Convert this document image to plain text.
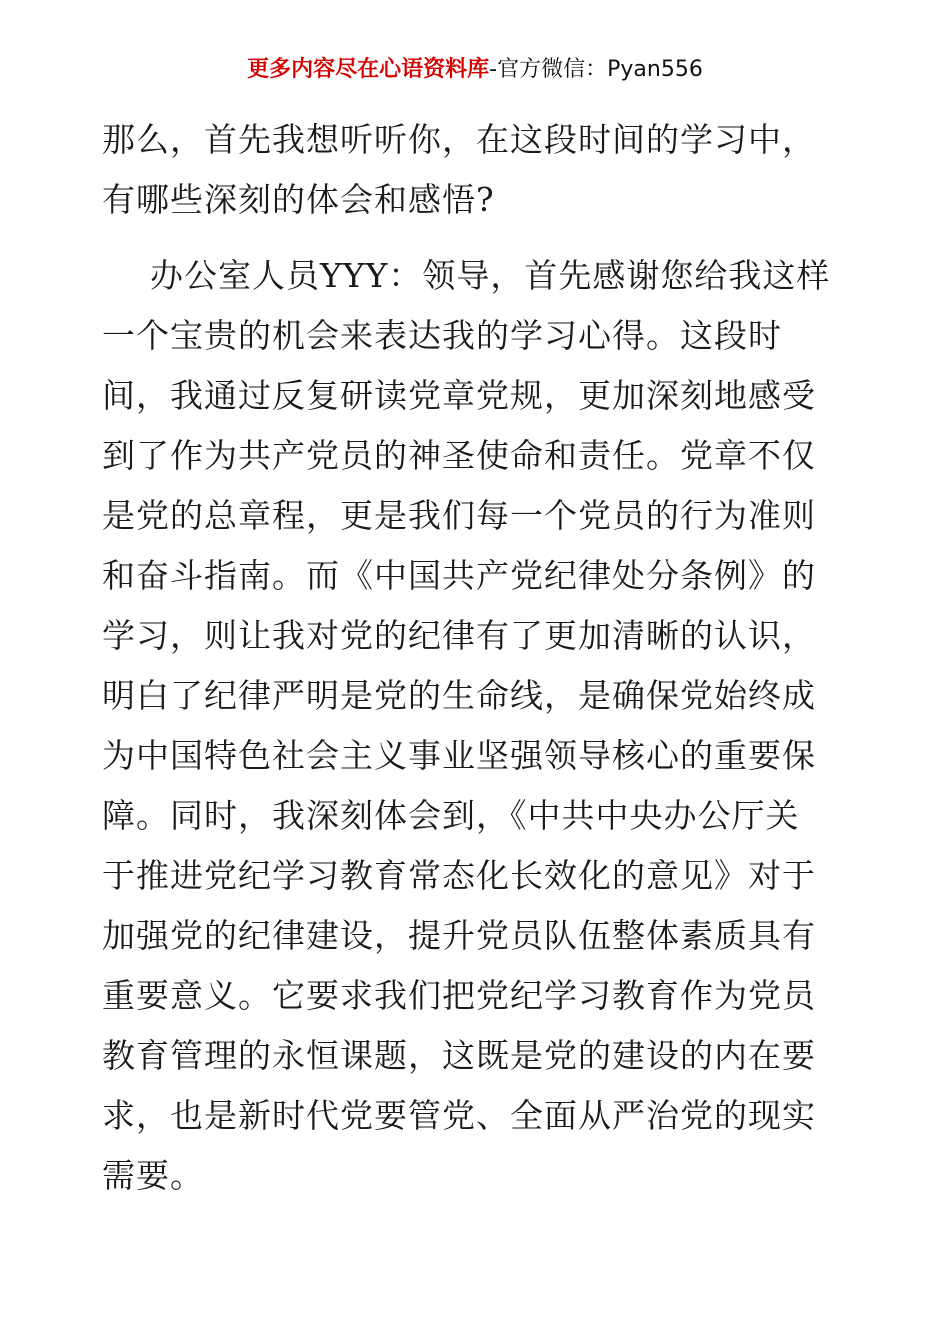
更多内容尽在心语资料库-官方微信：Pyan556
那么，首先我想听听你，在这段时间的学习中，
有哪些深刻的体会和感悟?
办公室人员YYY：领导，首先感谢您给我这样
一个宝贵的机会来表达我的学习心得。这段时
间，我通过反复研读党章党规，更加深刻地感受
到了作为共产党员的神圣使命和责任。党章不仅
是党的总章程，更是我们每一个党员的行为准则
和奋斗指南。而《中国共产党纪律处分条例》的
学习，则让我对党的纪律有了更加清晰的认识，
明白了纪律严明是党的生命线，是确保党始终成
为中国特色社会主义事业坚强领导核心的重要保
障。同时，我深刻体会到，《中共中央办公厅关
于推进党纪学习教育常态化长效化的意见》对于
加强党的纪律建设，提升党员队伍整体素质具有
重要意义。它要求我们把党纪学习教育作为党员
教育管理的永恒课题，这既是党的建设的内在要
求，也是新时代党要管党、全面从严治党的现实
需要。
